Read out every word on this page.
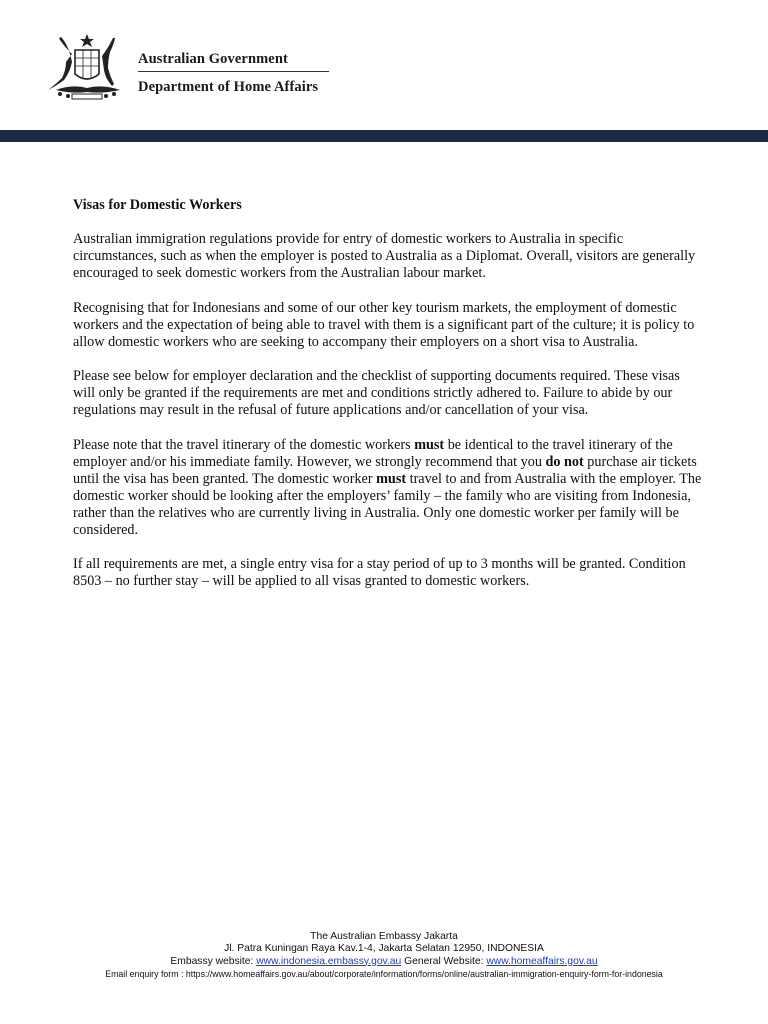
Australian Government
Department of Home Affairs
Visas for Domestic Workers

Australian immigration regulations provide for entry of domestic workers to Australia in specific circumstances, such as when the employer is posted to Australia as a Diplomat. Overall, visitors are generally encouraged to seek domestic workers from the Australian labour market.

Recognising that for Indonesians and some of our other key tourism markets, the employment of domestic workers and the expectation of being able to travel with them is a significant part of the culture; it is policy to allow domestic workers who are seeking to accompany their employers on a short visa to Australia.

Please see below for employer declaration and the checklist of supporting documents required. These visas will only be granted if the requirements are met and conditions strictly adhered to. Failure to abide by our regulations may result in the refusal of future applications and/or cancellation of your visa.

Please note that the travel itinerary of the domestic workers must be identical to the travel itinerary of the employer and/or his immediate family. However, we strongly recommend that you do not purchase air tickets until the visa has been granted. The domestic worker must travel to and from Australia with the employer. The domestic worker should be looking after the employers’ family – the family who are visiting from Indonesia, rather than the relatives who are currently living in Australia. Only one domestic worker per family will be considered.

If all requirements are met, a single entry visa for a stay period of up to 3 months will be granted. Condition 8503 – no further stay – will be applied to all visas granted to domestic workers.

The Australian Embassy Jakarta
Jl. Patra Kuningan Raya Kav.1-4, Jakarta Selatan 12950, INDONESIA
Embassy website: www.indonesia.embassy.gov.au General Website: www.homeaffairs.gov.au
Email enquiry form : https://www.homeaffairs.gov.au/about/corporate/information/forms/online/australian-immigration-enquiry-form-for-indonesia
